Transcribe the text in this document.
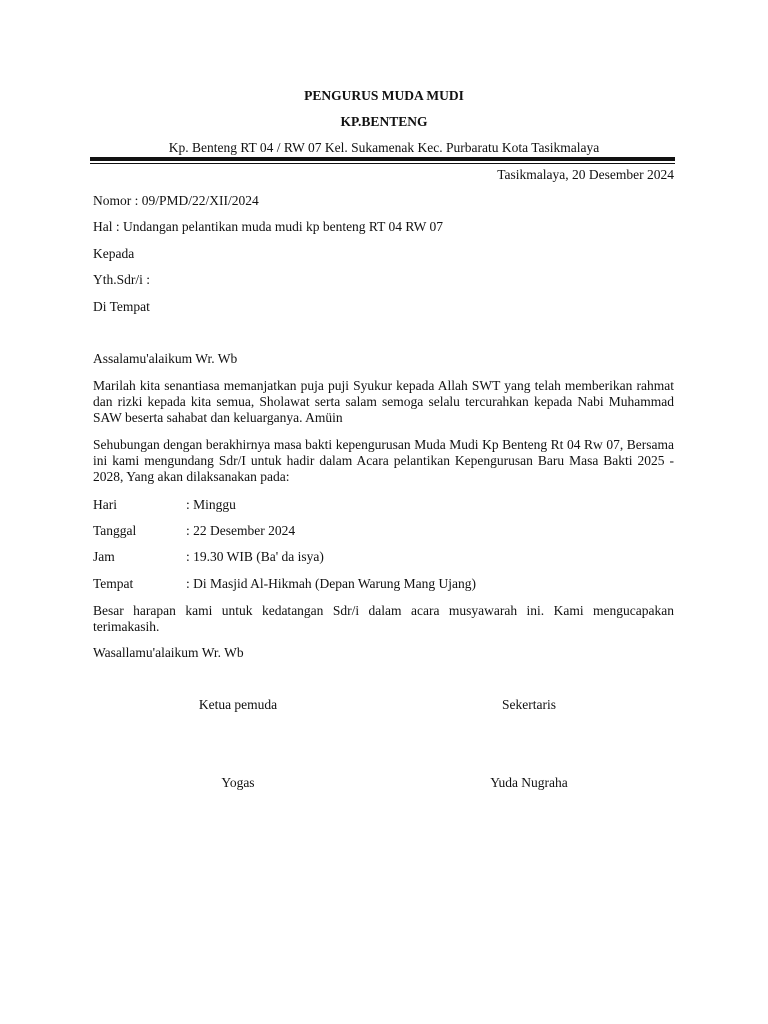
PENGURUS MUDA MUDI
KP.BENTENG
Kp. Benteng RT 04 / RW 07 Kel. Sukamenak Kec. Purbaratu Kota Tasikmalaya
Tasikmalaya, 20 Desember 2024
Nomor : 09/PMD/22/XII/2024
Hal : Undangan pelantikan muda mudi kp benteng RT 04 RW 07
Kepada
Yth.Sdr/i :
Di Tempat
Assalamu'alaikum Wr. Wb
Marilah kita senantiasa memanjatkan puja puji Syukur kepada Allah SWT yang telah memberikan rahmat dan rizki kepada kita semua, Sholawat serta salam semoga selalu tercurahkan kepada Nabi Muhammad SAW beserta sahabat dan keluarganya. Amüin
Sehubungan dengan berakhirnya masa bakti kepengurusan Muda Mudi Kp Benteng Rt 04 Rw 07, Bersama ini kami mengundang Sdr/I untuk hadir dalam Acara pelantikan Kepengurusan Baru Masa Bakti 2025 - 2028, Yang akan dilaksanakan pada:
Hari	: Minggu
Tanggal	: 22 Desember 2024
Jam	: 19.30 WIB (Ba' da isya)
Tempat	: Di Masjid Al-Hikmah (Depan Warung Mang Ujang)
Besar harapan kami untuk kedatangan Sdr/i dalam acara musyawarah ini. Kami mengucapakan terimakasih.
Wasallamu'alaikum Wr. Wb
Ketua pemuda	Sekertaris
Yogas	Yuda Nugraha
